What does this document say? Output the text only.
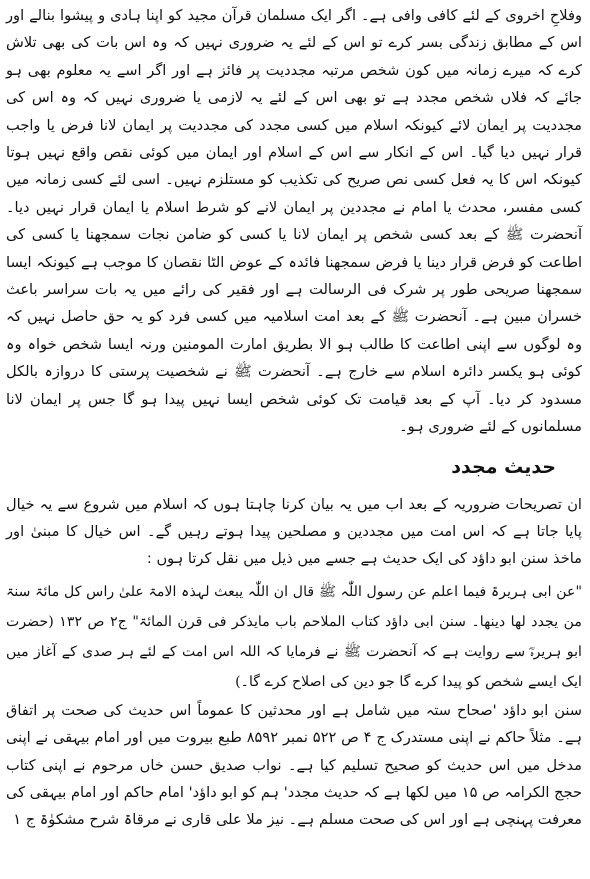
وفلاحِ اخروی کے لئے کافی وافی ہے۔ اگر ایک مسلمان قرآن مجید کو اپنا ہادی و پیشوا بنالے اور اس کے مطابق زندگی بسر کرے تو اس کے لئے یہ ضروری نہیں کہ وہ اس بات کی بھی تلاش کرے کہ میرے زمانہ میں کون شخص مرتبہ مجددیت پر فائز ہے اور اگر اسے یہ معلوم بھی ہو جائے کہ فلاں شخص مجدد ہے تو بھی اس کے لئے یہ لازمی یا ضروری نہیں کہ وہ اس کی مجددیت پر ایمان لائے کیونکہ اسلام میں کسی مجدد کی مجددیت پر ایمان لانا فرض یا واجب قرار نہیں دیا گیا۔ اس کے انکار سے اس کے اسلام اور ایمان میں کوئی نقص واقع نہیں ہوتا کیونکہ اس کا یہ فعل کسی نص صریح کی تکذیب کو مستلزم نہیں۔ اسی لئے کسی زمانہ میں کسی مفسر، محدث یا امام نے مجددین پر ایمان لانے کو شرط اسلام یا ایمان قرار نہیں دیا۔ آنحضرت ﷺ کے بعد کسی شخص پر ایمان لانا یا کسی کو ضامن نجات سمجھنا یا کسی کی اطاعت کو فرض قرار دینا یا فرض سمجھنا فائدہ کے عوض الٹا نقصان کا موجب ہے کیونکہ ایسا سمجھنا صریحی طور پر شرک فی الرسالت ہے اور فقیر کی رائے میں یہ بات سراسر باعث خسران مبین ہے۔ آنحضرت ﷺ کے بعد امت اسلامیہ میں کسی فرد کو یہ حق حاصل نہیں کہ وہ لوگوں سے اپنی اطاعت کا طالب ہو الا بطریق امارت المومنین ورنہ ایسا شخص خواہ وہ کوئی ہو یکسر دائرہ اسلام سے خارج ہے۔ آنحضرت ﷺ نے شخصیت پرستی کا دروازہ بالکل مسدود کر دیا۔ آپ کے بعد قیامت تک کوئی شخص ایسا نہیں پیدا ہو گا جس پر ایمان لانا مسلمانوں کے لئے ضروری ہو۔

حدیث مجدد

ان تصریحات ضروریہ کے بعد اب میں یہ بیان کرنا چاہتا ہوں کہ اسلام میں شروع سے یہ خیال پایا جاتا ہے کہ اس امت میں مجددین و مصلحین پیدا ہوتے رہیں گے۔ اس خیال کا مبنیٰ اور ماخذ سنن ابو داؤد کی ایک حدیث ہے جسے میں ذیل میں نقل کرتا ہوں :

"عن ابی ہریرۃ فیما اعلم عن رسول اللّٰہ ﷺ قال ان اللّٰہ یبعث لہذہ الامۃ علیٰ راس کل مائۃ سنۃ من یجدد لھا دینھا۔ سنن ابی داؤد کتاب الملاحم باب مایذکر فی قرن المائۃ" ج۲ ص ۱۳۲ (حضرت ابو ہریرہؓ سے روایت ہے کہ آنحضرت ﷺ نے فرمایا کہ اللہ اس امت کے لئے ہر صدی کے آغاز میں ایک ایسے شخص کو پیدا کرے گا جو دین کی اصلاح کرے گا۔)

سنن ابو داؤد 'صحاح ستہ میں شامل ہے اور محدثین کا عموماً اس حدیث کی صحت پر اتفاق ہے۔ مثلاً حاکم نے اپنی مستدرک ج ۴ ص ۵۲۲ نمبر ۸۵۹۲ طبع بیروت میں اور امام بیہقی نے اپنی مدخل میں اس حدیث کو صحیح تسلیم کیا ہے۔ نواب صدیق حسن خاں مرحوم نے اپنی کتاب حجج الکرامہ ص ۱۵ میں لکھا ہے کہ حدیث مجدد' ہم کو ابو داؤد' امام حاکم اور امام بیہقی کی معرفت پہنچی ہے اور اس کی صحت مسلم ہے۔ نیز ملا علی قاری نے مرقاۃ شرح مشکوٰۃ ج ۱
